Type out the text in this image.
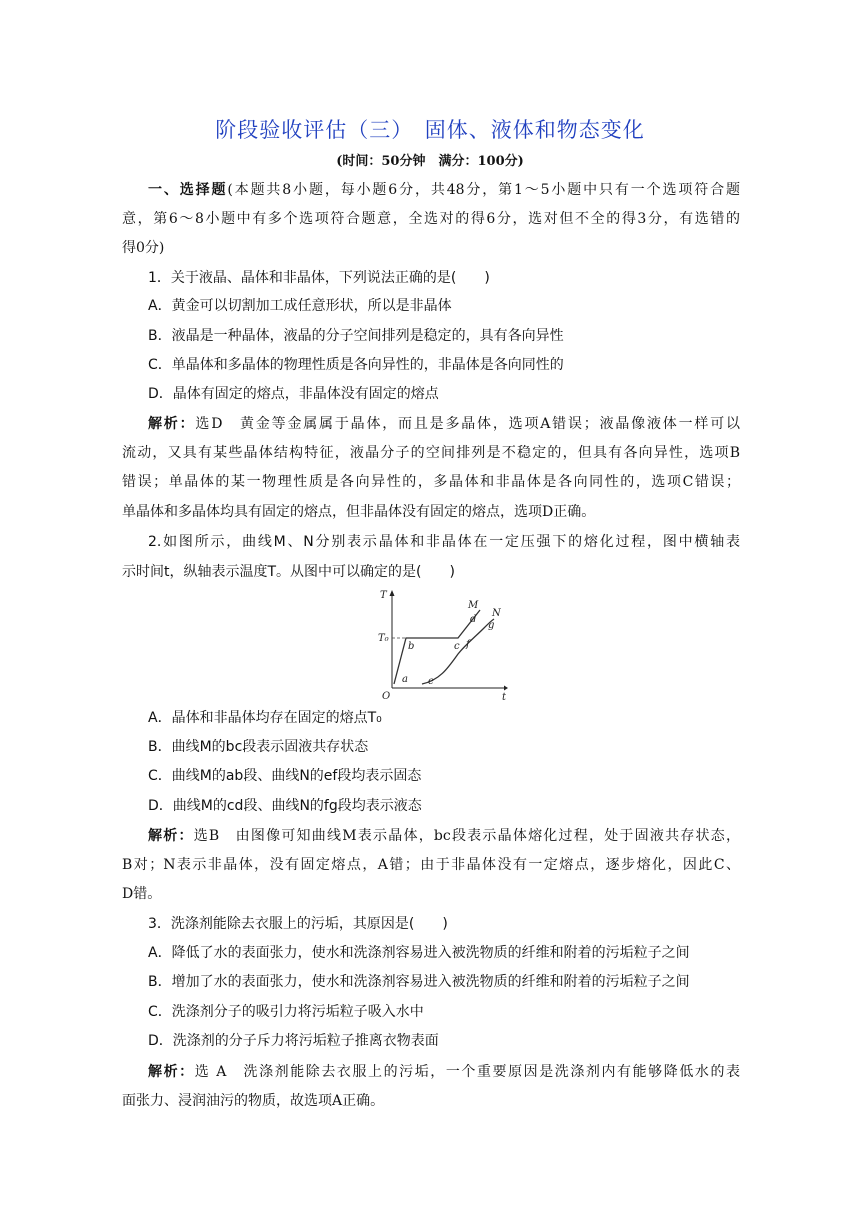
阶段验收评估（三）　固体、液体和物态变化
(时间：50分钟　满分：100分)
一、选择题(本题共8小题，每小题6分，共48分，第1～5小题中只有一个选项符合题
意，第6～8小题中有多个选项符合题意，全选对的得6分，选对但不全的得3分，有选错的
得0分)
1．关于液晶、晶体和非晶体，下列说法正确的是(　　)
A．黄金可以切割加工成任意形状，所以是非晶体
B．液晶是一种晶体，液晶的分子空间排列是稳定的，具有各向异性
C．单晶体和多晶体的物理性质是各向异性的，非晶体是各向同性的
D．晶体有固定的熔点，非晶体没有固定的熔点
解析：选D　黄金等金属属于晶体，而且是多晶体，选项A错误；液晶像液体一样可以
流动，又具有某些晶体结构特征，液晶分子的空间排列是不稳定的，但具有各向异性，选项B
错误；单晶体的某一物理性质是各向异性的，多晶体和非晶体是各向同性的，选项C错误；
单晶体和多晶体均具有固定的熔点，但非晶体没有固定的熔点，选项D正确。
2.如图所示，曲线M、N分别表示晶体和非晶体在一定压强下的熔化过程，图中横轴表
示时间t，纵轴表示温度T。从图中可以确定的是(　　)
T
t
O
T₀
a
b	c
d
e
f
g
M
N
A．晶体和非晶体均存在固定的熔点T₀
B．曲线M的bc段表示固液共存状态
C．曲线M的ab段、曲线N的ef段均表示固态
D．曲线M的cd段、曲线N的fg段均表示液态
解析：选B　由图像可知曲线M表示晶体，bc段表示晶体熔化过程，处于固液共存状态，
B对；N表示非晶体，没有固定熔点，A错；由于非晶体没有一定熔点，逐步熔化，因此C、
D错。
3．洗涤剂能除去衣服上的污垢，其原因是(　　)
A．降低了水的表面张力，使水和洗涤剂容易进入被洗物质的纤维和附着的污垢粒子之间
B．增加了水的表面张力，使水和洗涤剂容易进入被洗物质的纤维和附着的污垢粒子之间
C．洗涤剂分子的吸引力将污垢粒子吸入水中
D．洗涤剂的分子斥力将污垢粒子推离衣物表面
解析：选 A　洗涤剂能除去衣服上的污垢，一个重要原因是洗涤剂内有能够降低水的表
面张力、浸润油污的物质，故选项A正确。
